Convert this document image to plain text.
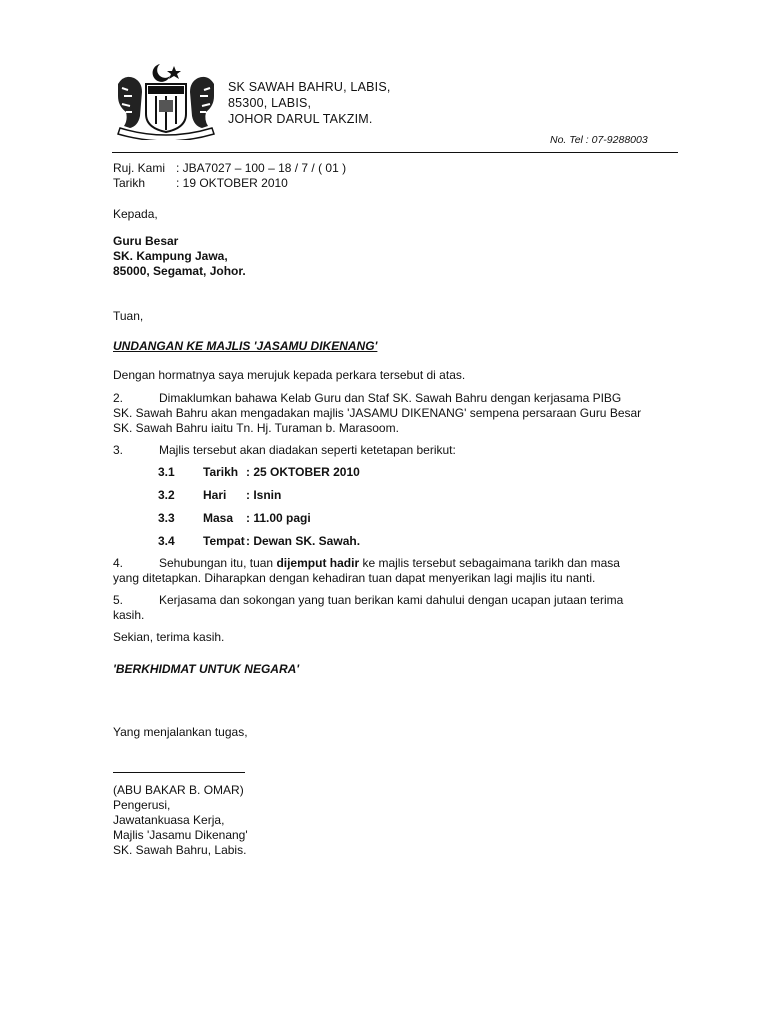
SK SAWAH BAHRU, LABIS,
85300, LABIS,
JOHOR DARUL TAKZIM.
No. Tel : 07-9288003
Ruj. Kami : JBA7027 – 100 – 18 / 7 / ( 01 )
Tarikh	: 19 OKTOBER 2010
Kepada,
Guru Besar
SK. Kampung Jawa,
85000, Segamat, Johor.
Tuan,
UNDANGAN KE MAJLIS 'JASAMU DIKENANG'
Dengan hormatnya saya merujuk kepada perkara tersebut di atas.
2.	Dimaklumkan bahawa Kelab Guru dan Staf SK. Sawah Bahru dengan kerjasama PIBG
SK. Sawah Bahru akan mengadakan majlis 'JASAMU DIKENANG' sempena persaraan Guru Besar SK. Sawah Bahru iaitu Tn. Hj. Turaman b. Marasoom.
3.	Majlis tersebut akan diadakan seperti ketetapan berikut:
3.1 Tarikh : 25 OKTOBER 2010
3.2 Hari : Isnin
3.3 Masa : 11.00 pagi
3.4 Tempat : Dewan SK. Sawah.
4.	Sehubungan itu, tuan dijemput hadir ke majlis tersebut sebagaimana tarikh dan masa yang ditetapkan. Diharapkan dengan kehadiran tuan dapat menyerikan lagi majlis itu nanti.
5.	Kerjasama dan sokongan yang tuan berikan kami dahului dengan ucapan jutaan terima
kasih.
Sekian, terima kasih.
'BERKHIDMAT UNTUK NEGARA'
Yang menjalankan tugas,
(ABU BAKAR B. OMAR)
Pengerusi,
Jawatankuasa Kerja,
Majlis 'Jasamu Dikenang'
SK. Sawah Bahru, Labis.
